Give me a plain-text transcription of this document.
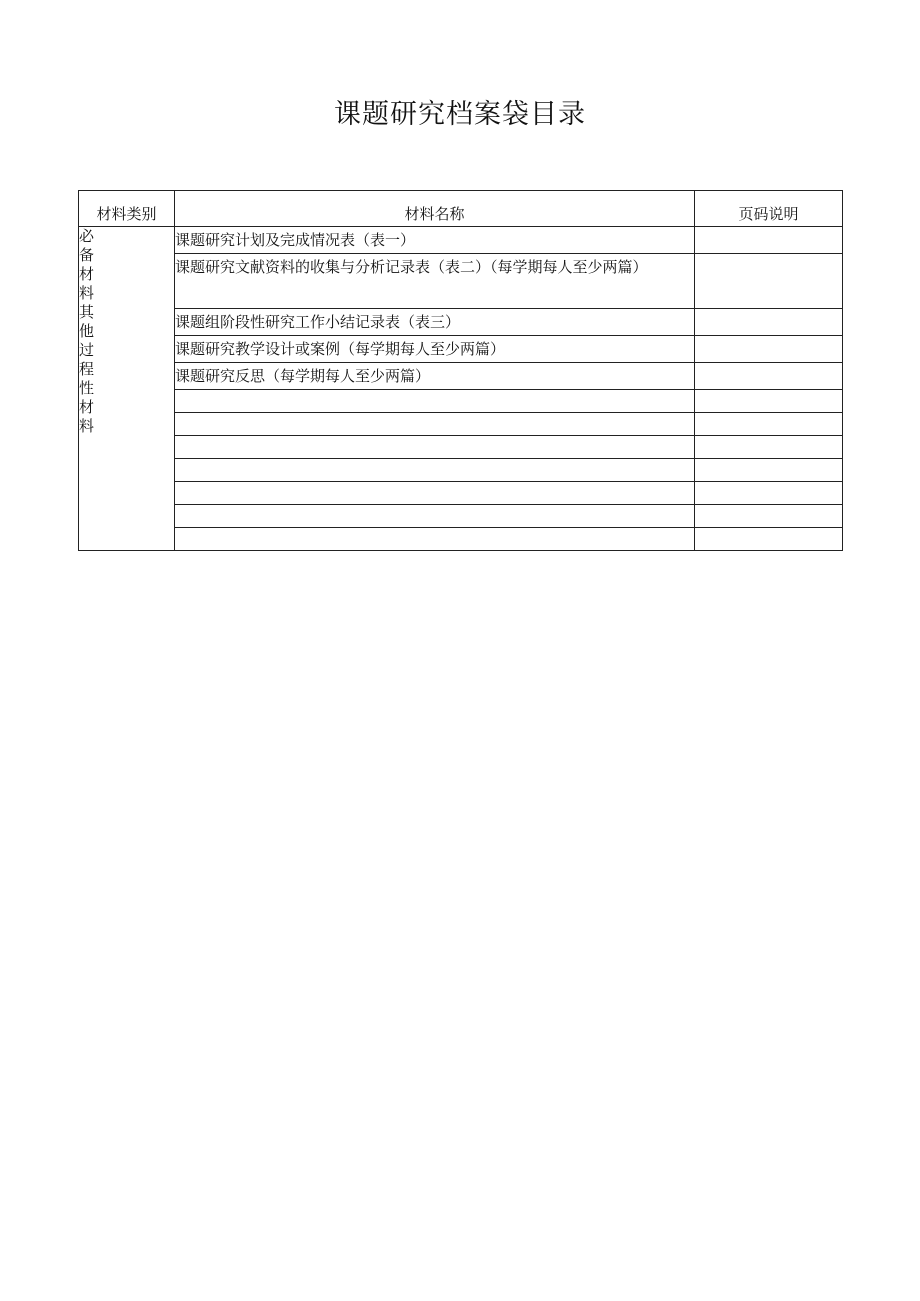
课题研究档案袋目录
材料类别	材料名称	页码说明

必备材料其他过程性材料	课题研究计划及完成情况表（表一）	
	课题研究文献资料的收集与分析记录表（表二）（每学期每人至少两篇）	
	课题组阶段性研究工作小结记录表（表三）	
	课题研究教学设计或案例（每学期每人至少两篇）	
	课题研究反思（每学期每人至少两篇）	
